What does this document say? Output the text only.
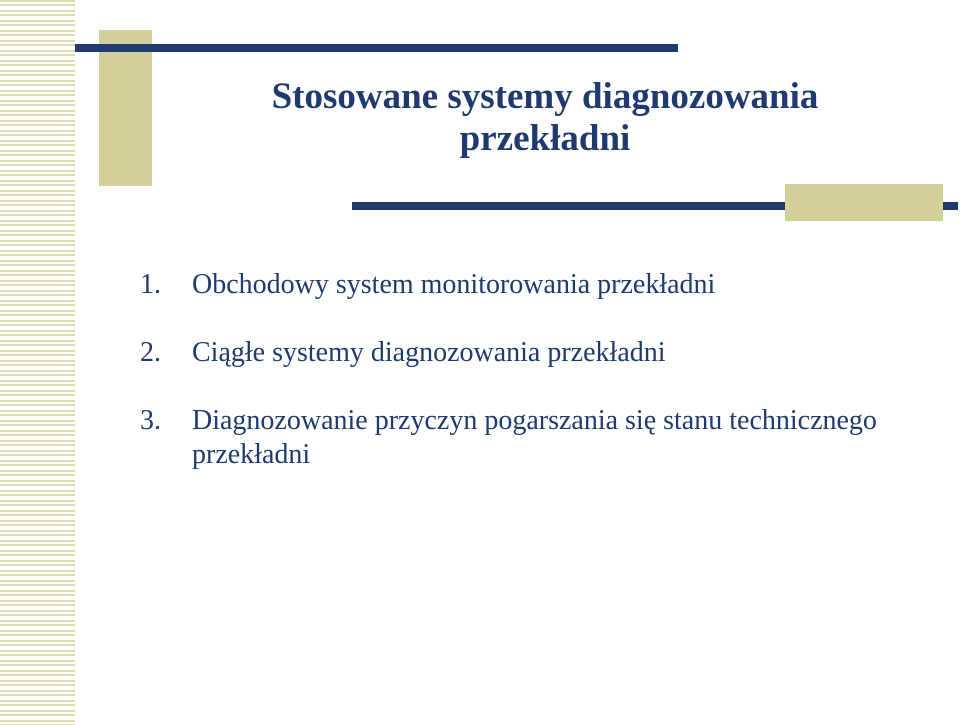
Stosowane systemy diagnozowania
przekładni
1.	Obchodowy system monitorowania przekładni
2.	Ciągłe systemy diagnozowania przekładni
3.	Diagnozowanie przyczyn pogarszania się stanu technicznego przekładni
